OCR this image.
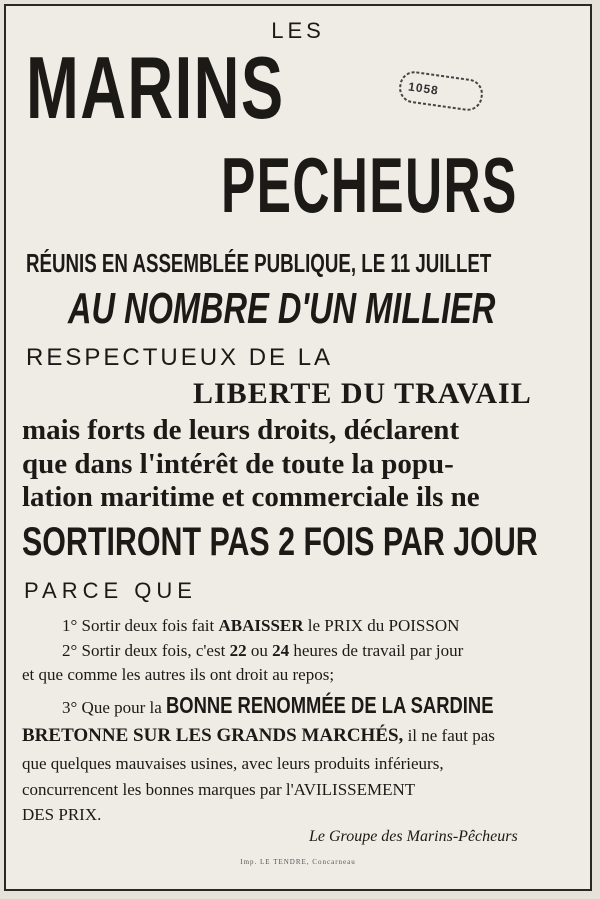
1058
LES
MARINS
PECHEURS
RÉUNIS EN ASSEMBLÉE PUBLIQUE, LE 11 JUILLET
AU NOMBRE D'UN MILLIER
RESPECTUEUX DE LA
LIBERTE DU TRAVAIL
mais forts de leurs droits, déclarent
que dans l'intérêt de toute la popu-
lation maritime et commerciale ils ne
SORTIRONT PAS 2 FOIS PAR JOUR
PARCE QUE
1° Sortir deux fois fait ABAISSER le PRIX du POISSON
2° Sortir deux fois, c'est 22 ou 24 heures de travail par jour
et que comme les autres ils ont droit au repos;
3° Que pour la BONNE RENOMMÉE DE LA SARDINE
BRETONNE SUR LES GRANDS MARCHÉS, il ne faut pas
que quelques mauvaises usines, avec leurs produits inférieurs,
concurrencent les bonnes marques par l'AVILISSEMENT
DES PRIX.
Le Groupe des Marins-Pêcheurs
Imp. LE TENDRE, Concarneau
